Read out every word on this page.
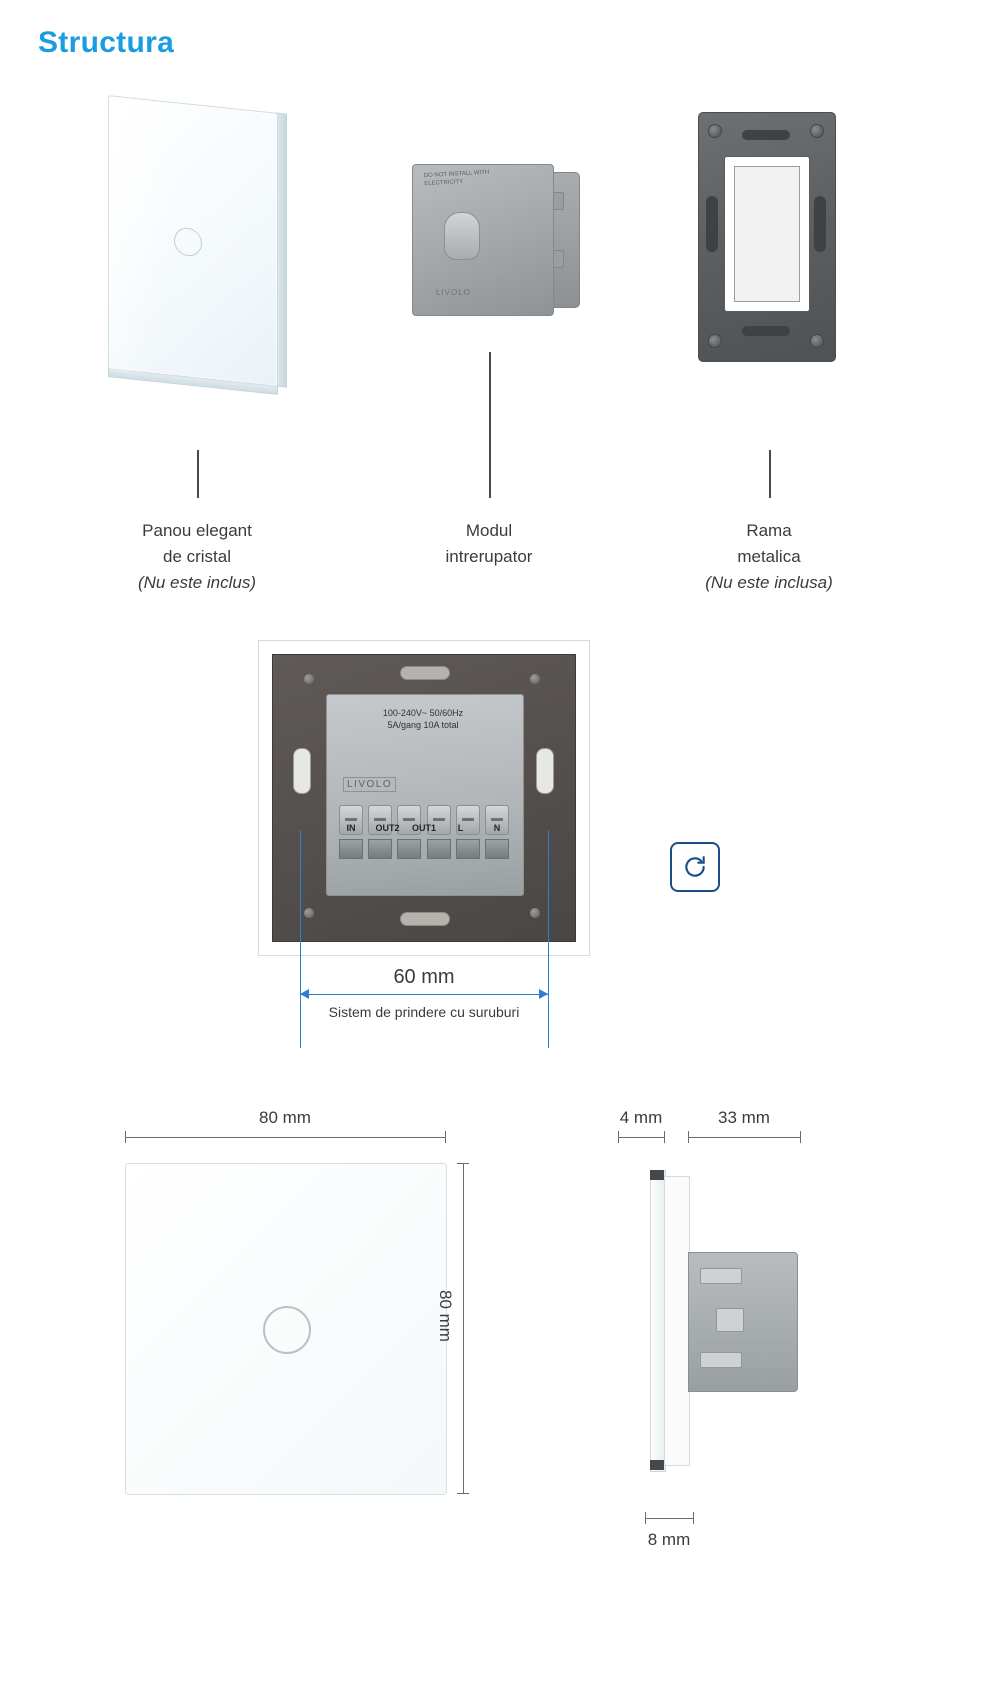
Structura
Panou elegant
de cristal
(Nu este inclus)
DO NOT INSTALL WITH ELECTRICITY
LIVOLO
Modul
intrerupator
Rama
metalica
(Nu este inclusa)
100-240V~ 50/60Hz
5A/gang 10A total
LIVOLO
IN	OUT2 OUT1	L	N
60 mm
Sistem de prindere cu suruburi
80 mm
80 mm
4 mm	33 mm
8 mm
